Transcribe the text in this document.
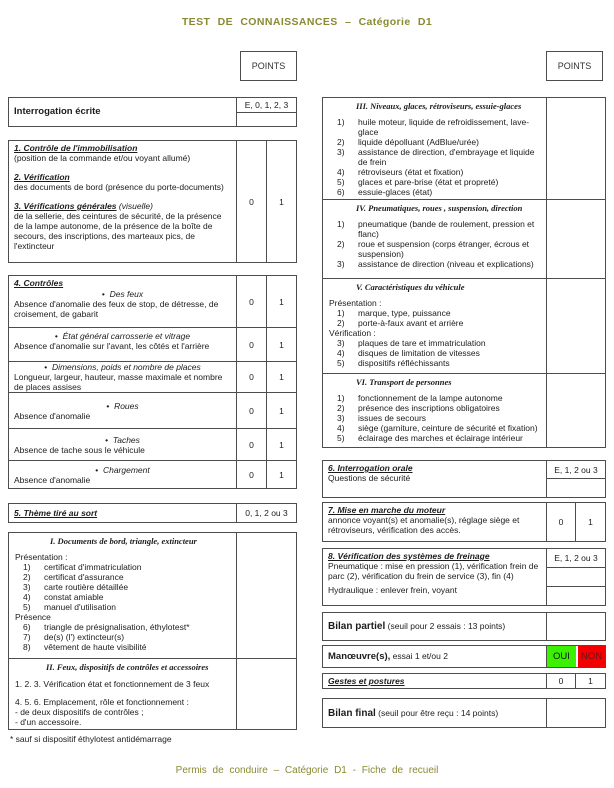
TEST DE CONNAISSANCES – Catégorie D1
POINTS	POINTS
Interrogation écrite
E, 0, 1, 2, 3
1. Contrôle de l'immobilisation
(position de la commande et/ou voyant allumé)
2. Vérification
des documents de bord (présence du porte-documents)
3. Vérifications générales (visuelle)
de la sellerie, des ceintures de sécurité, de la présence de la lampe autonome, de la présence de la boîte de secours, des inscriptions, des marteaux pics, de l'extincteur
0	1
4. Contrôles
• Des feux
Absence d'anomalie des feux de stop, de détresse, de croisement, de gabarit
0	1
• État général carrosserie et vitrage
Absence d'anomalie sur l'avant, les côtés et l'arrière	0	1
• Dimensions, poids et nombre de places
Longueur, largeur, hauteur, masse maximale et nombre de places assises
0	1
• Roues
Absence d'anomalie
0	1
• Taches
Absence de tache sous le véhicule
0	1
• Chargement
Absence d'anomalie
0	1
5. Thème tiré au sort	0, 1, 2 ou 3
I. Documents de bord, triangle, extincteur
Présentation :
1)	certificat d'immatriculation
2)	certificat d'assurance
3)	carte routière détaillée
4)	constat amiable
5)	manuel d'utilisation
Présence
6)	triangle de présignalisation, éthylotest*
7)	de(s) (l') extincteur(s)
8)	vêtement de haute visibilité
II. Feux, dispositifs de contrôles et accessoires
1. 2. 3. Vérification état et fonctionnement de 3 feux
4. 5. 6. Emplacement, rôle et fonctionnement :
- de deux dispositifs de contrôles ;
- d'un accessoire.
* sauf si dispositif éthylotest antidémarrage
III. Niveaux, glaces, rétroviseurs, essuie-glaces
1)	huile moteur, liquide de refroidissement, lave-glace
2)	liquide dépolluant (AdBlue/urée)
3)	assistance de direction, d'embrayage et liquide de frein
4)	rétroviseurs (état et fixation)
5)	glaces et pare-brise (état et propreté)
6)	essuie-glaces (état)
IV. Pneumatiques, roues , suspension, direction
1)	pneumatique (bande de roulement, pression et flanc)
2)	roue et suspension (corps étranger, écrous et suspension)
3)	assistance de direction (niveau et explications)
V. Caractéristiques du véhicule
Présentation :
1)	marque, type, puissance
2)	porte-à-faux avant et arrière
Vérification :
3)	plaques de tare et immatriculation
4)	disques de limitation de vitesses
5)	dispositifs réfléchissants
VI. Transport de personnes
1)	fonctionnement de la lampe autonome
2)	présence des inscriptions obligatoires
3)	issues de secours
4)	siège (garniture, ceinture de sécurité et fixation)
5)	éclairage des marches et éclairage intérieur
6. Interrogation orale
Questions de sécurité
E, 1, 2 ou 3
7. Mise en marche du moteur
annonce voyant(s) et anomalie(s), réglage siège et rétroviseurs, vérification des accès.
0	1
8. Vérification des systèmes de freinage
Pneumatique : mise en pression (1), vérification frein de parc (2), vérification du frein de service (3), fin (4)
Hydraulique : enlever frein, voyant
E, 1, 2 ou 3
Bilan partiel (seuil pour 2 essais : 13 points)
Manœuvre(s), essai 1 et/ou 2	OUI	NON
Gestes et postures	0	1
Bilan final (seuil pour être reçu : 14 points)
Permis de conduire – Catégorie D1 - Fiche de recueil
